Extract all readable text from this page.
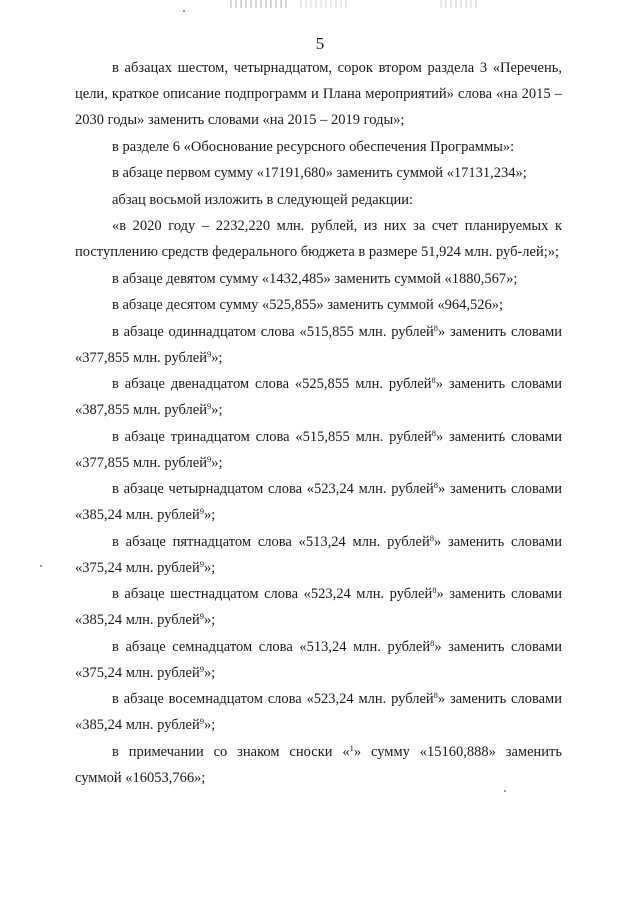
5

в абзацах шестом, четырнадцатом, сорок втором раздела 3 «Перечень, цели, краткое описание подпрограмм и Плана мероприятий» слова «на 2015 – 2030 годы» заменить словами «на 2015 – 2019 годы»;

в разделе 6 «Обоснование ресурсного обеспечения Программы»:

в абзаце первом сумму «17191,680» заменить суммой «17131,234»;

абзац восьмой изложить в следующей редакции:

«в 2020 году – 2232,220 млн. рублей, из них за счет планируемых к поступлению средств федерального бюджета в размере 51,924 млн. руб-лей;»;

в абзаце девятом сумму «1432,485» заменить суммой «1880,567»;

в абзаце десятом сумму «525,855» заменить суммой «964,526»;

в абзаце одиннадцатом слова «515,855 млн. рублей$^8$» заменить словами «377,855 млн. рублей$^9$»;

в абзаце двенадцатом слова «525,855 млн. рублей$^8$» заменить словами «387,855 млн. рублей$^9$»;

в абзаце тринадцатом слова «515,855 млн. рублей$^8$» заменить словами «377,855 млн. рублей$^9$»;

в абзаце четырнадцатом слова «523,24 млн. рублей$^8$» заменить словами «385,24 млн. рублей$^9$»;

в абзаце пятнадцатом слова «513,24 млн. рублей$^8$» заменить словами «375,24 млн. рублей$^9$»;

в абзаце шестнадцатом слова «523,24 млн. рублей$^8$» заменить словами «385,24 млн. рублей$^9$»;

в абзаце семнадцатом слова «513,24 млн. рублей$^8$» заменить словами «375,24 млн. рублей$^9$»;

в абзаце восемнадцатом слова «523,24 млн. рублей$^8$» заменить словами «385,24 млн. рублей$^9$»;

в примечании со знаком сноски «$^1$» сумму «15160,888» заменить суммой «16053,766»;
